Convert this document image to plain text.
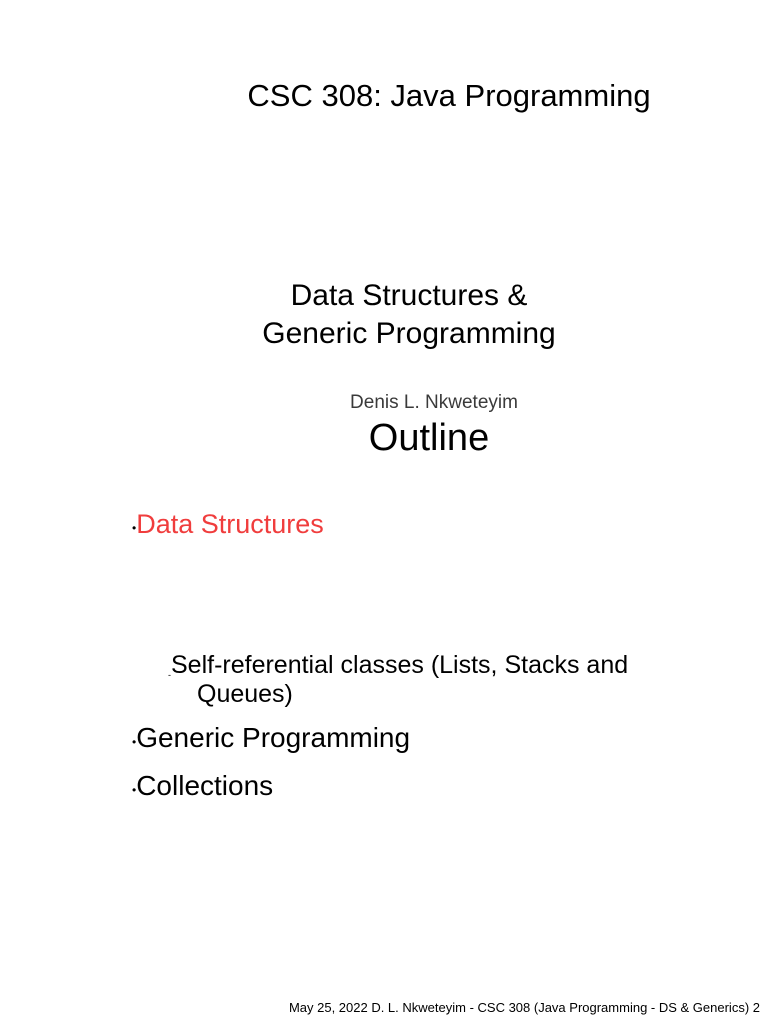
CSC 308: Java Programming
Data Structures &
Generic Programming
Denis L. Nkweteyim
Outline
•Data Structures
- Self-referential classes (Lists, Stacks and
Queues)
•Generic Programming
•Collections
May 25, 2022 D. L. Nkweteyim - CSC 308 (Java Programming - DS & Generics) 2
